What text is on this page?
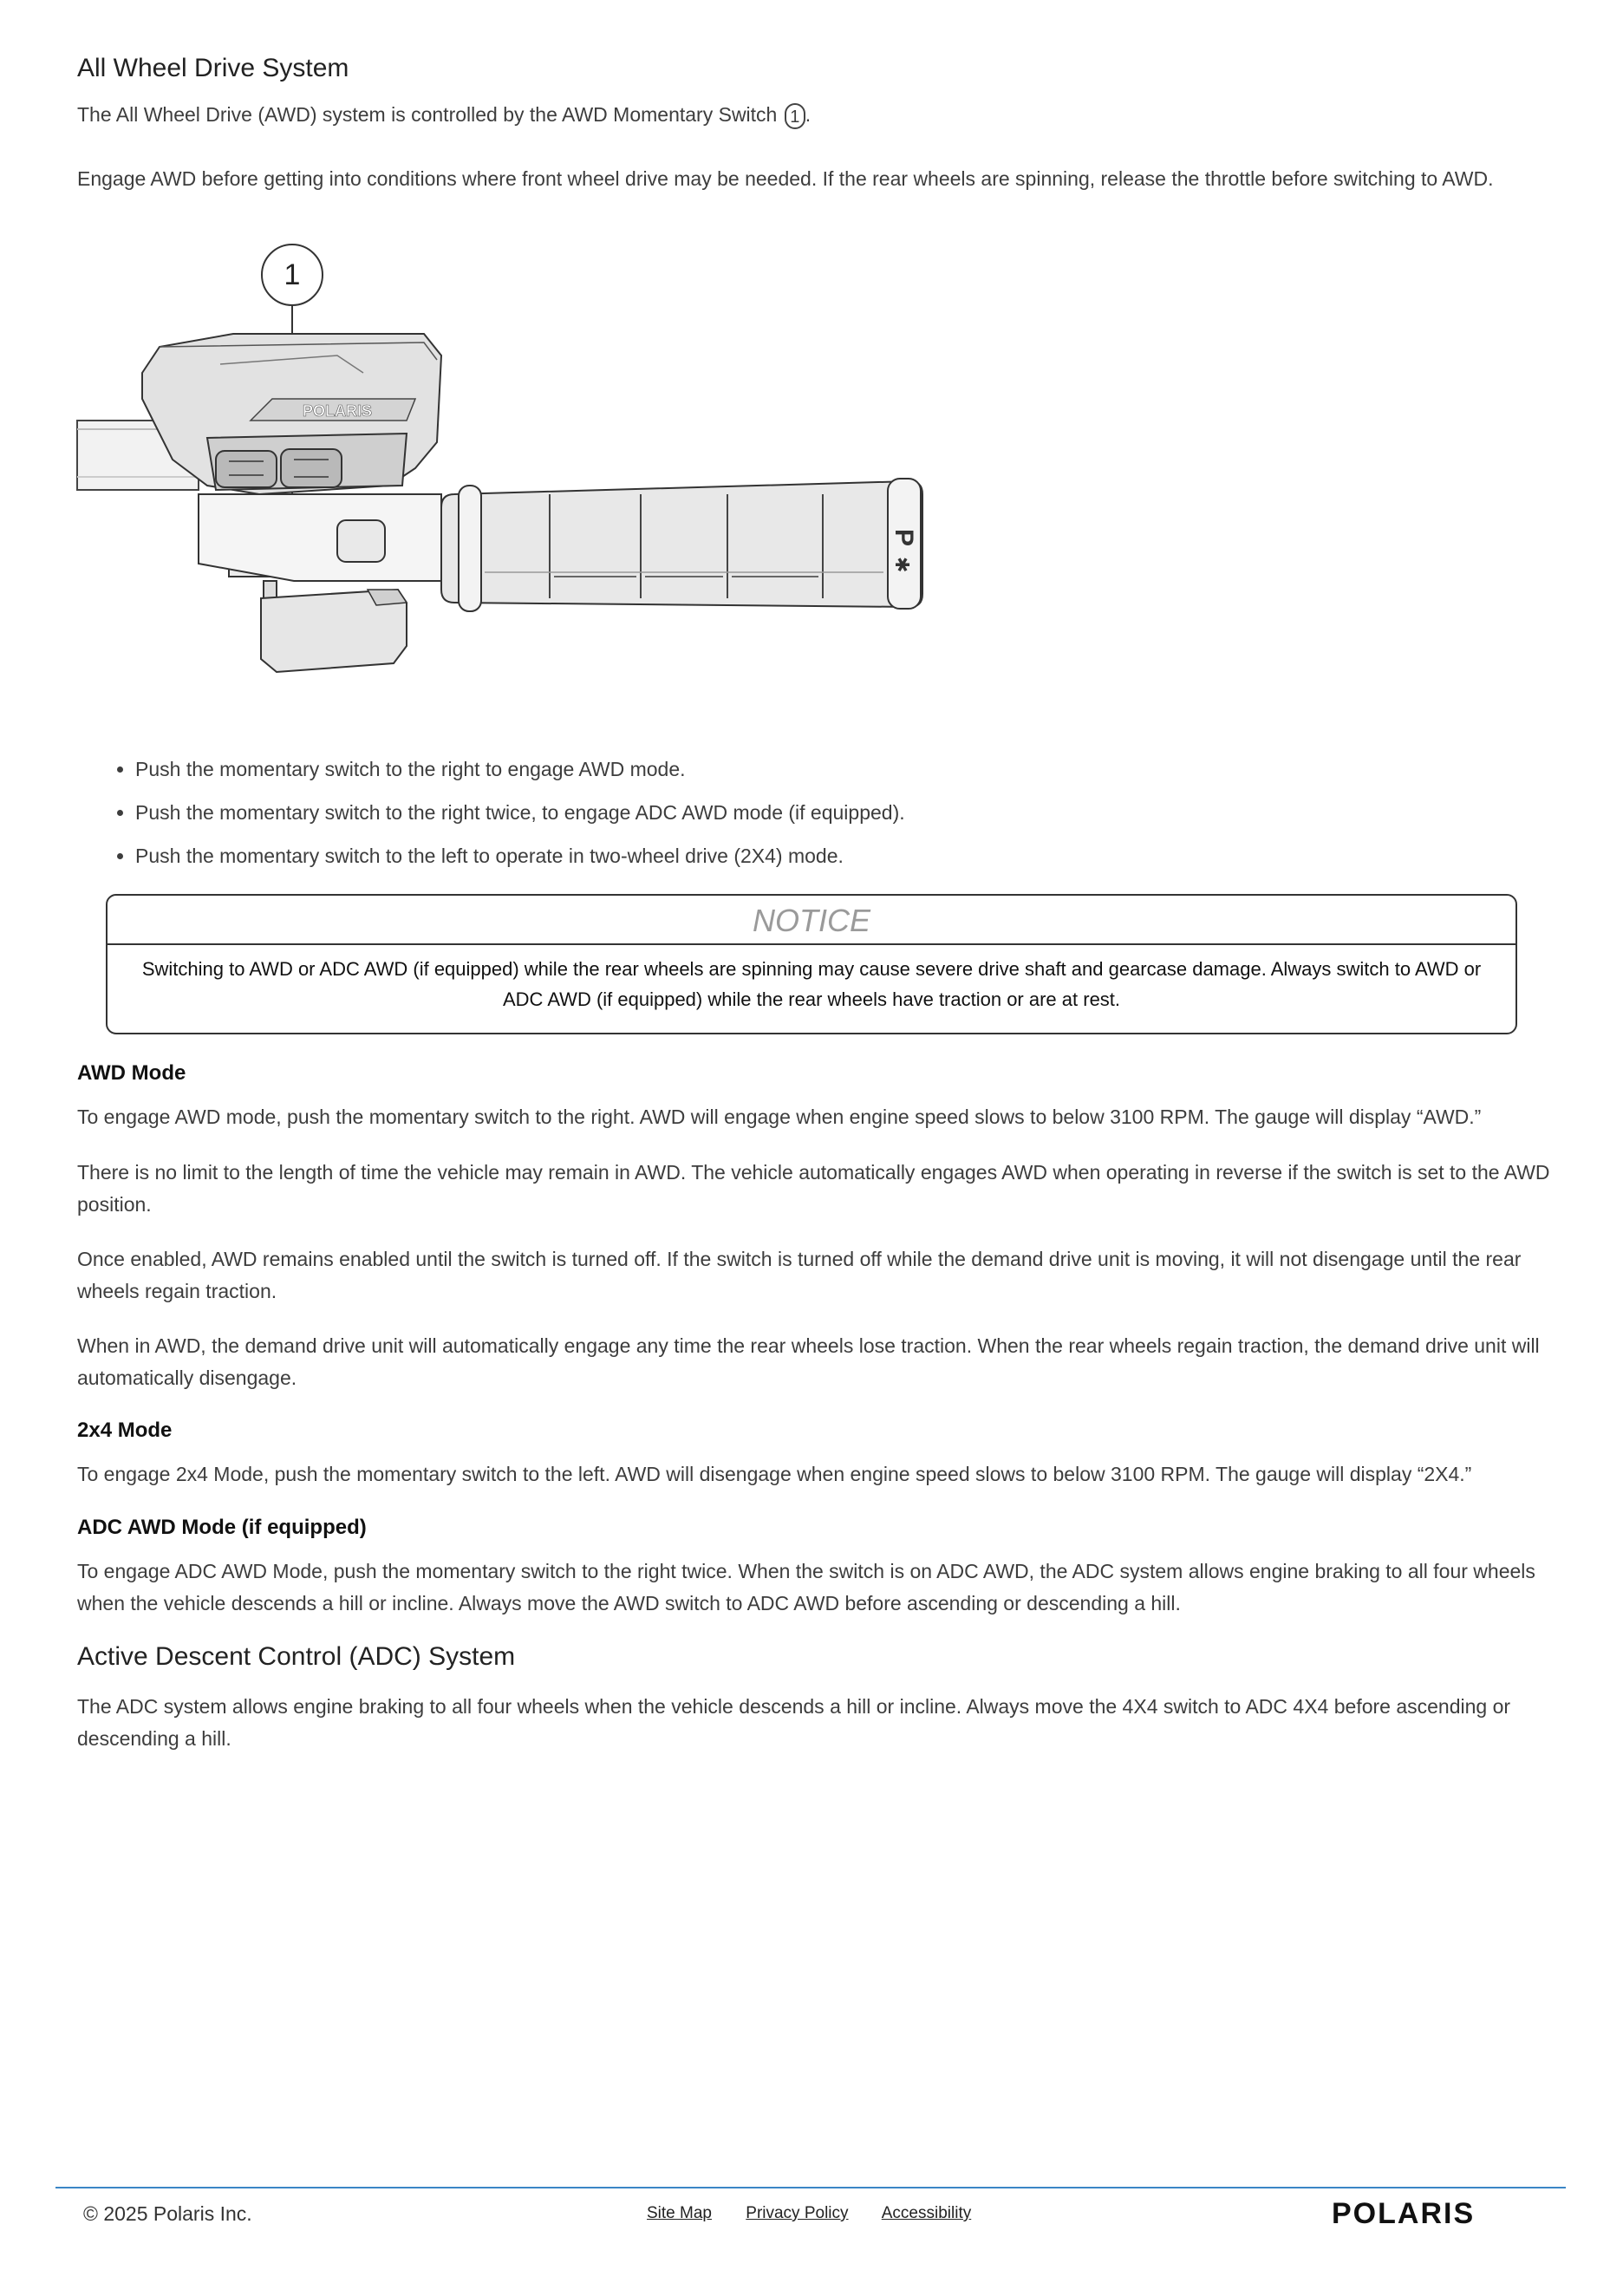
All Wheel Drive System

The All Wheel Drive (AWD) system is controlled by the AWD Momentary Switch 1 .

Engage AWD before getting into conditions where front wheel drive may be needed. If the rear wheels are spinning, release the throttle before switching to AWD.

1
POLARIS
P
✱
• Push the momentary switch to the right to engage AWD mode.
• Push the momentary switch to the right twice, to engage ADC AWD mode (if equipped).
• Push the momentary switch to the left to operate in two-wheel drive (2X4) mode.
NOTICE
Switching to AWD or ADC AWD (if equipped) while the rear wheels are spinning may cause severe drive shaft and gearcase damage. Always switch to AWD or ADC AWD (if equipped) while the rear wheels have traction or are at rest.
AWD Mode

To engage AWD mode, push the momentary switch to the right. AWD will engage when engine speed slows to below 3100 RPM. The gauge will display “AWD.”

There is no limit to the length of time the vehicle may remain in AWD. The vehicle automatically engages AWD when operating in reverse if the switch is set to the AWD position.

Once enabled, AWD remains enabled until the switch is turned off. If the switch is turned off while the demand drive unit is moving, it will not disengage until the rear wheels regain traction.

When in AWD, the demand drive unit will automatically engage any time the rear wheels lose traction. When the rear wheels regain traction, the demand drive unit will automatically disengage.

2x4 Mode

To engage 2x4 Mode, push the momentary switch to the left. AWD will disengage when engine speed slows to below 3100 RPM. The gauge will display “2X4.”

ADC AWD Mode (if equipped)

To engage ADC AWD Mode, push the momentary switch to the right twice. When the switch is on ADC AWD, the ADC system allows engine braking to all four wheels when the vehicle descends a hill or incline. Always move the AWD switch to ADC AWD before ascending or descending a hill.

Active Descent Control (ADC) System

The ADC system allows engine braking to all four wheels when the vehicle descends a hill or incline. Always move the 4X4 switch to ADC 4X4 before ascending or descending a hill.

© 2025 Polaris Inc.	Site Map Privacy Policy Accessibility	POLARIS
